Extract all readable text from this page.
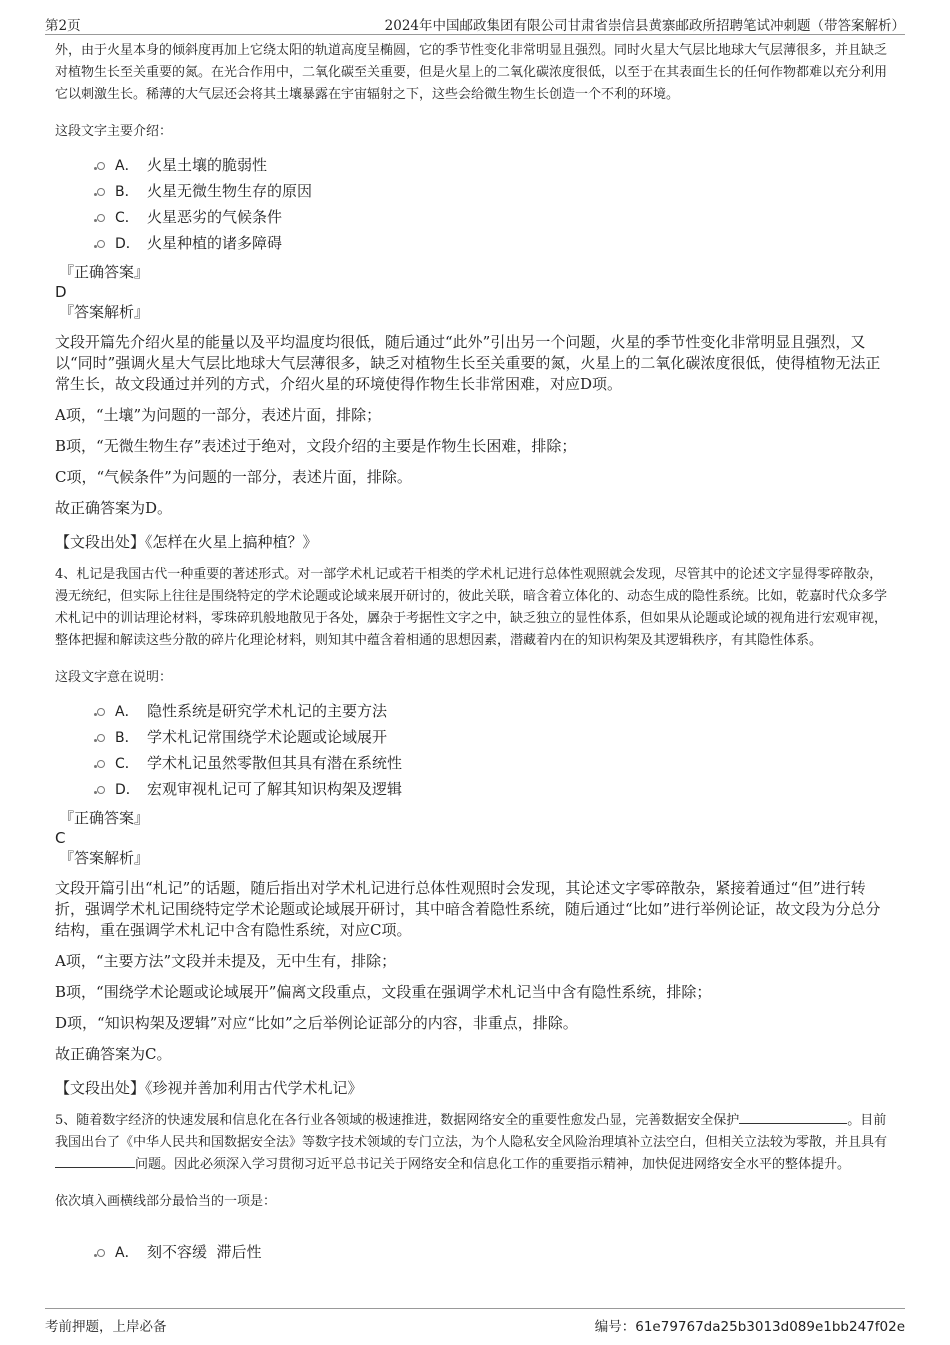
第2页	2024年中国邮政集团有限公司甘肃省崇信县黄寨邮政所招聘笔试冲刺题（带答案解析）

外，由于火星本身的倾斜度再加上它绕太阳的轨道高度呈椭圆，它的季节性变化非常明显且强烈。同时火星大气层比地球大气层薄很多，并且缺乏对植物生长至关重要的氮。在光合作用中，二氧化碳至关重要，但是火星上的二氧化碳浓度很低，以至于在其表面生长的任何作物都难以充分利用它以刺激生长。稀薄的大气层还会将其土壤暴露在宇宙辐射之下，这些会给微生物生长创造一个不利的环境。

这段文字主要介绍：

A． 火星土壤的脆弱性
B． 火星无微生物生存的原因
C． 火星恶劣的气候条件
D． 火星种植的诸多障碍

『正确答案』

D

『答案解析』

文段开篇先介绍火星的能量以及平均温度均很低，随后通过“此外”引出另一个问题，火星的季节性变化非常明显且强烈，又以“同时”强调火星大气层比地球大气层薄很多，缺乏对植物生长至关重要的氮，火星上的二氧化碳浓度很低，使得植物无法正常生长，故文段通过并列的方式，介绍火星的环境使得作物生长非常困难，对应D项。

A项，“土壤”为问题的一部分，表述片面，排除；

B项，“无微生物生存”表述过于绝对，文段介绍的主要是作物生长困难，排除；

C项，“气候条件”为问题的一部分，表述片面，排除。

故正确答案为D。

【文段出处】《怎样在火星上搞种植？》

4、札记是我国古代一种重要的著述形式。对一部学术札记或若干相类的学术札记进行总体性观照就会发现，尽管其中的论述文字显得零碎散杂，漫无统纪，但实际上往往是围绕特定的学术论题或论域来展开研讨的，彼此关联，暗含着立体化的、动态生成的隐性系统。比如，乾嘉时代众多学术札记中的训诂理论材料，零珠碎玑般地散见于各处，羼杂于考据性文字之中，缺乏独立的显性体系，但如果从论题或论域的视角进行宏观审视，整体把握和解读这些分散的碎片化理论材料，则知其中蕴含着相通的思想因素，潜藏着内在的知识构架及其逻辑秩序，有其隐性体系。

这段文字意在说明：

A． 隐性系统是研究学术札记的主要方法
B． 学术札记常围绕学术论题或论域展开
C． 学术札记虽然零散但其具有潜在系统性
D． 宏观审视札记可了解其知识构架及逻辑

『正确答案』

C

『答案解析』

文段开篇引出“札记”的话题，随后指出对学术札记进行总体性观照时会发现，其论述文字零碎散杂，紧接着通过“但”进行转折，强调学术札记围绕特定学术论题或论域展开研讨，其中暗含着隐性系统，随后通过“比如”进行举例论证，故文段为分总分结构，重在强调学术札记中含有隐性系统，对应C项。

A项，“主要方法”文段并未提及，无中生有，排除；

B项，“围绕学术论题或论域展开”偏离文段重点，文段重在强调学术札记当中含有隐性系统，排除；

D项，“知识构架及逻辑”对应“比如”之后举例论证部分的内容，非重点，排除。

故正确答案为C。

【文段出处】《珍视并善加利用古代学术札记》

5、随着数字经济的快速发展和信息化在各行业各领域的极速推进，数据网络安全的重要性愈发凸显，完善数据安全保护	。目前我国出台了《中华人民共和国数据安全法》等数字技术领域的专门立法，为个人隐私安全风险治理填补立法空白，但相关立法较为零散，并且具有问题。因此必须深入学习贯彻习近平总书记关于网络安全和信息化工作的重要指示精神，加快促进网络安全水平的整体提升。

依次填入画横线部分最恰当的一项是：

A． 刻不容缓  滞后性
考前押题，上岸必备	编号：61e79767da25b3013d089e1bb247f02e
